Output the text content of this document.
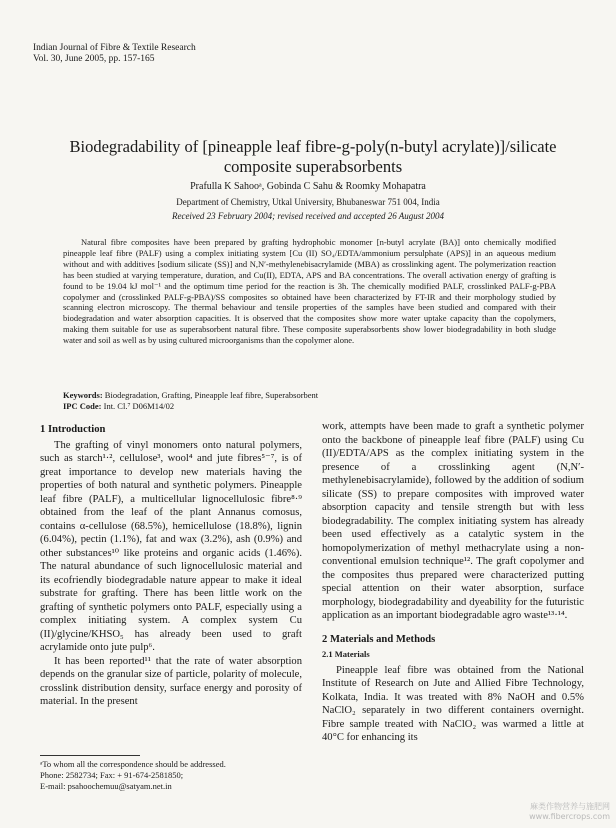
Indian Journal of Fibre & Textile Research
Vol. 30, June 2005, pp. 157-165
Biodegradability of [pineapple leaf fibre-g-poly(n-butyl acrylate)]/silicate
composite superabsorbents
Prafulla K Sahooᵃ, Gobinda C Sahu & Roomky Mohapatra
Department of Chemistry, Utkal University, Bhubaneswar 751 004, India
Received 23 February 2004; revised received and accepted 26 August 2004

Natural fibre composites have been prepared by grafting hydrophobic monomer [n-butyl acrylate (BA)] onto chemically modified pineapple leaf fibre (PALF) using a complex initiating system [Cu (II) SO₄/EDTA/ammonium persulphate (APS)] in an aqueous medium without and with additives [sodium silicate (SS)] and N,N′-methylenebisacrylamide (MBA) as crosslinking agent. The polymerization reaction has been studied at varying temperature, duration, and Cu(II), EDTA, APS and BA concentrations. The overall activation energy of grafting is found to be 19.04 kJ mol⁻¹ and the optimum time period for the reaction is 3h. The chemically modified PALF, crosslinked PALF-g-PBA copolymer and (crosslinked PALF-g-PBA)/SS composites so obtained have been characterized by FT-IR and their morphology studied by scanning electron microscopy. The thermal behaviour and tensile properties of the samples have been studied and compared with their biodegradation and water absorption capacities. It is observed that the composites show more water uptake capacity than the copolymers, making them suitable for use as superabsorbent natural fibre. These composite superabsorbents show lower biodegradability in both sludge water and soil as well as by using cultured microorganisms than the copolymer alone.

Keywords: Biodegradation, Grafting, Pineapple leaf fibre, Superabsorbent
IPC Code: Int. Cl.⁷ D06M14/02
1 Introduction

The grafting of vinyl monomers onto natural polymers, such as starch¹·², cellulose³, wool⁴ and jute fibres⁵⁻⁷, is of great importance to develop new materials having the properties of both natural and synthetic polymers. Pineapple leaf fibre (PALF), a multicellular lignocellulosic fibre⁸·⁹ obtained from the leaf of the plant Annanus comosus, contains α-cellulose (68.5%), hemicellulose (18.8%), lignin (6.04%), pectin (1.1%), fat and wax (3.2%), ash (0.9%) and other substances¹⁰ like proteins and organic acids (1.46%). The natural abundance of such lignocellulosic material and its ecofriendly biodegradable nature appear to make it ideal substrate for grafting. There has been little work on the grafting of synthetic polymers onto PALF, especially using a complex initiating system. A complex system Cu (II)/glycine/KHSO₅ has already been used to graft acrylamide onto jute pulp⁶.

It has been reported¹¹ that the rate of water absorption depends on the granular size of particle, polarity of molecule, crosslink distribution density, surface energy and porosity of material. In the present

work, attempts have been made to graft a synthetic polymer onto the backbone of pineapple leaf fibre (PALF) using Cu (II)/EDTA/APS as the complex initiating system in the presence of a crosslinking agent (N,N′-methylenebisacrylamide), followed by the addition of sodium silicate (SS) to prepare composites with improved water absorption capacity and tensile strength but with less biodegradability. The complex initiating system has already been used effectively as a catalytic system in the homopolymerization of methyl methacrylate using a non-conventional emulsion technique¹². The graft copolymer and the composites thus prepared were characterized putting special attention on their water absorption, surface morphology, biodegradability and dyeability for the futuristic application as an important biodegradable agro waste¹³·¹⁴.

2 Materials and Methods
2.1 Materials

Pineapple leaf fibre was obtained from the National Institute of Research on Jute and Allied Fibre Technology, Kolkata, India. It was treated with 8% NaOH and 0.5% NaClO₂ separately in two different containers overnight. Fibre sample treated with NaClO₂ was warmed a little at 40°C for enhancing its

ᵃTo whom all the correspondence should be addressed.
Phone: 2582734; Fax: + 91-674-2581850;
E-mail: psahoochemuu@satyam.net.in
麻类作物营养与施肥网
www.fibercrops.com
